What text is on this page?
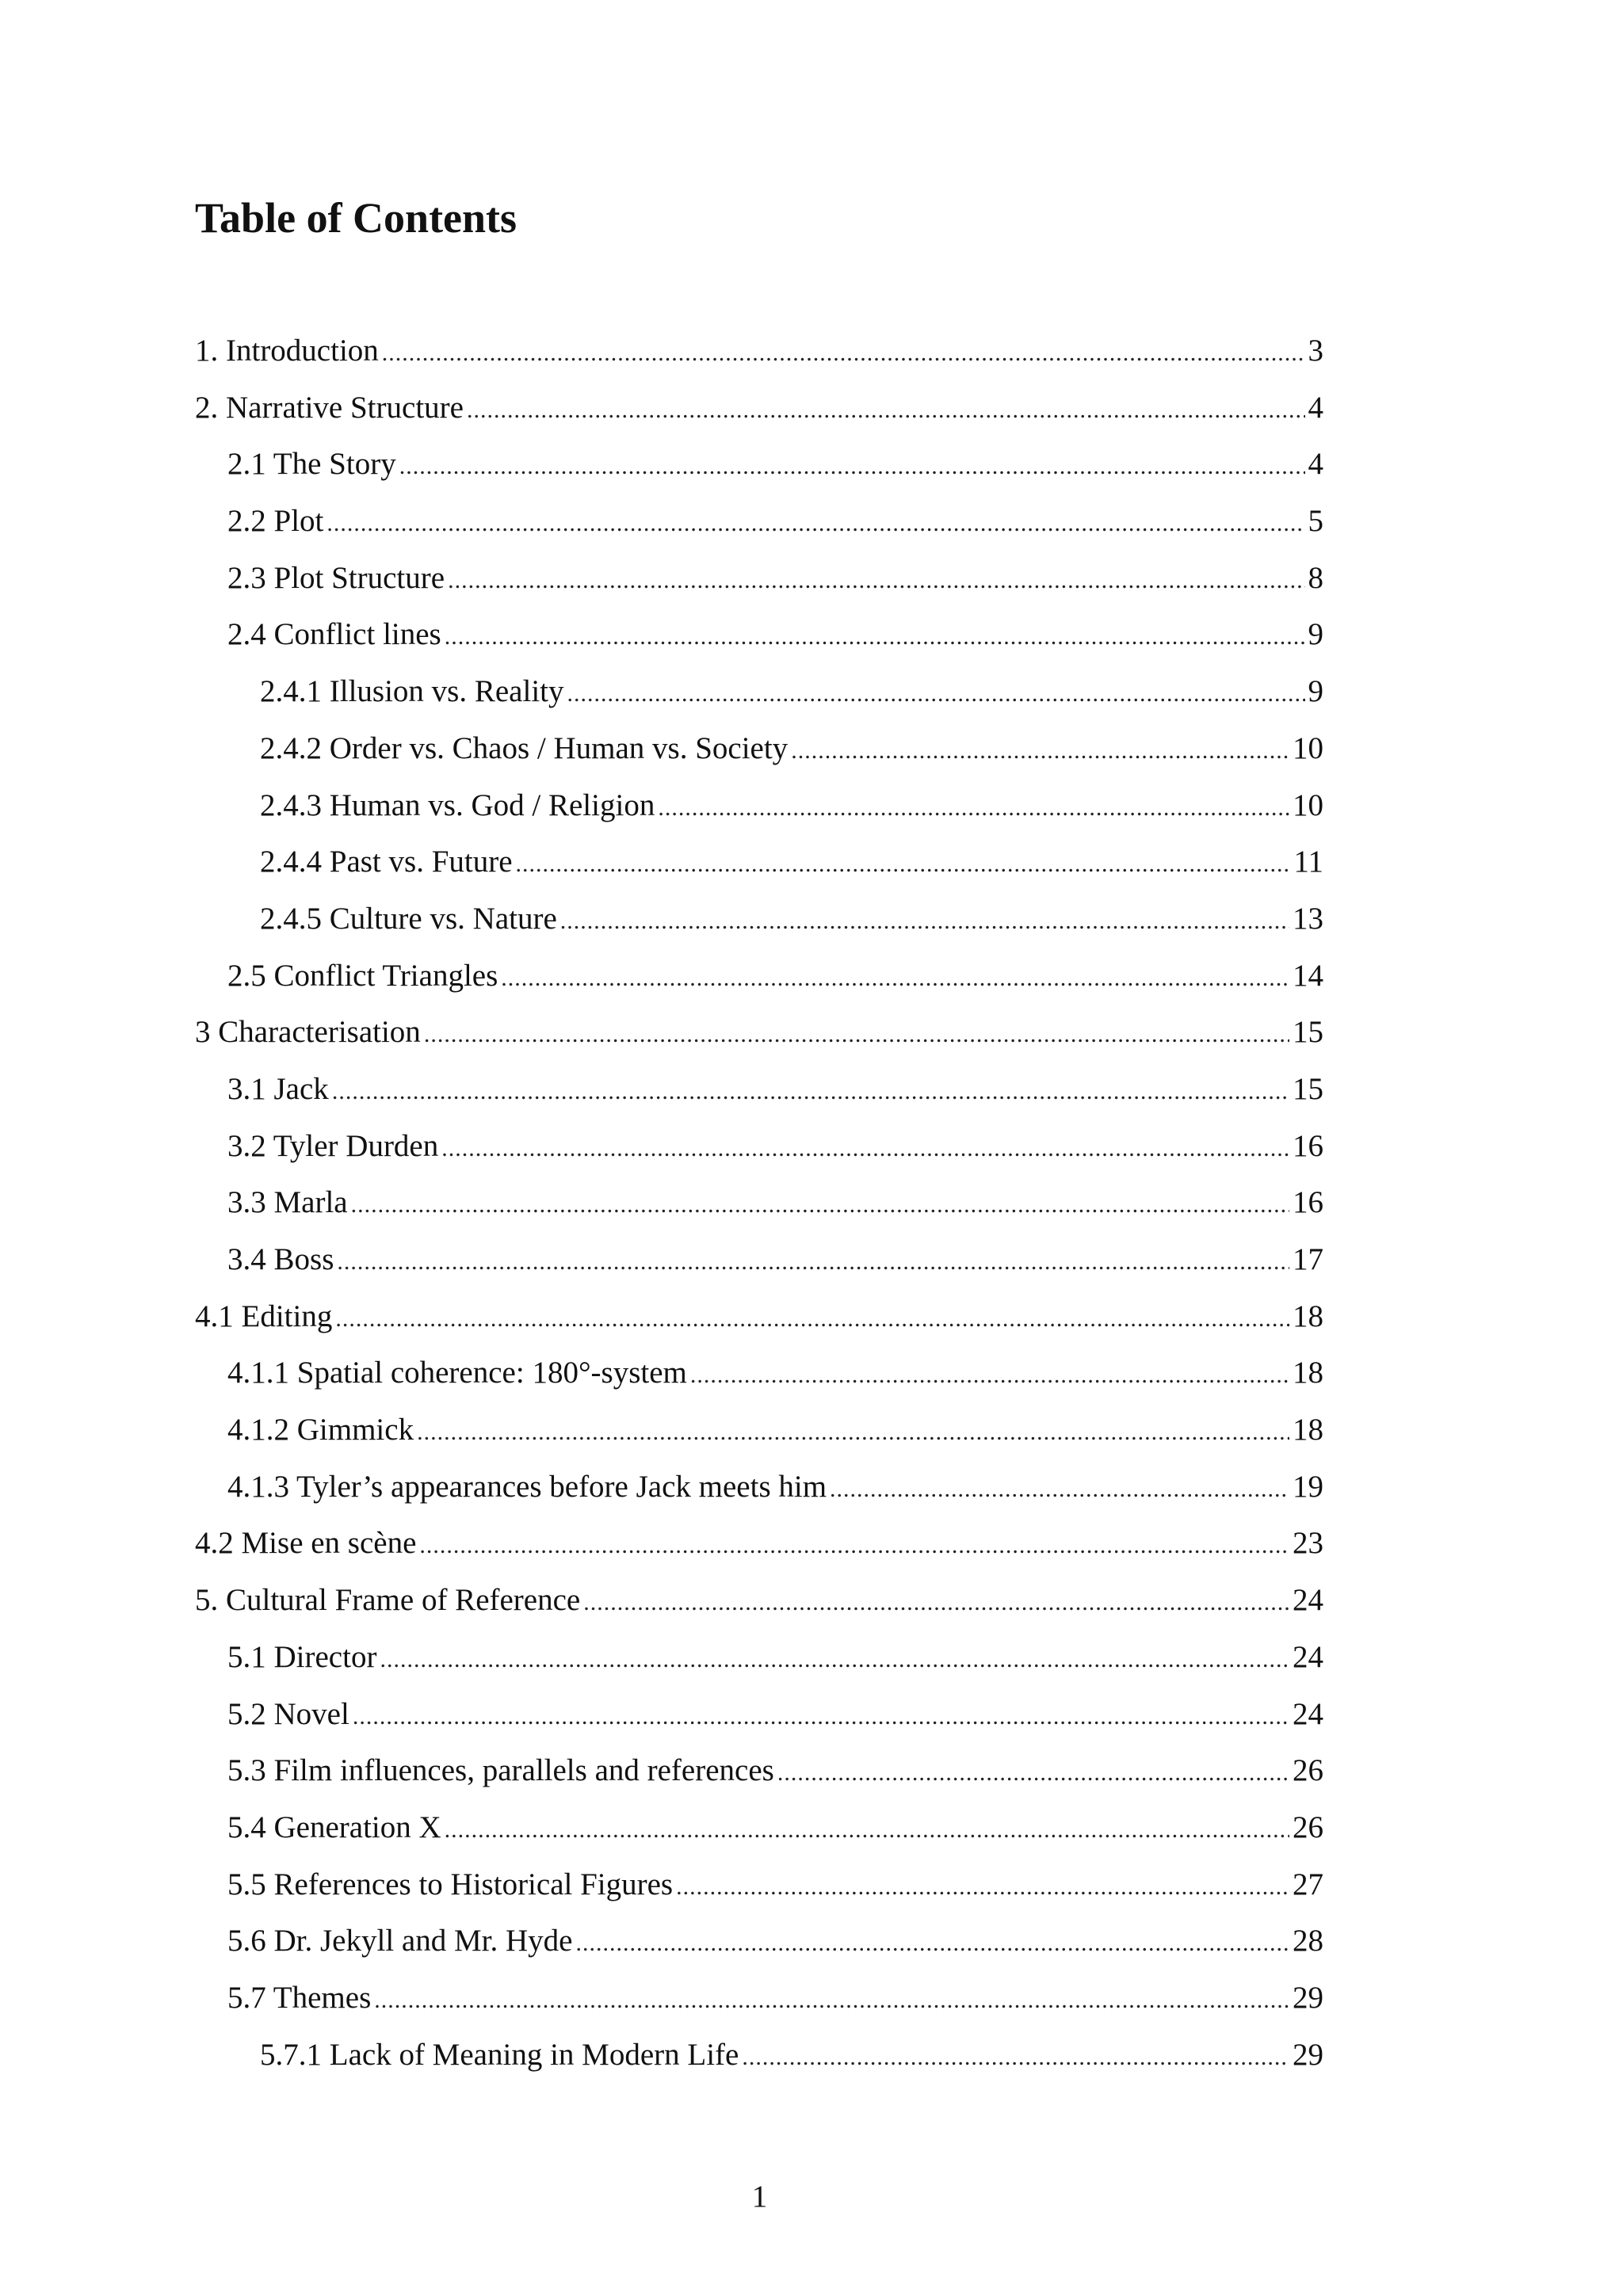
Table of Contents
1. Introduction .....	3
2. Narrative Structure .....	4
2.1 The Story .....	4
2.2 Plot .....	5
2.3 Plot Structure .....	8
2.4 Conflict lines .....	9
2.4.1 Illusion vs. Reality .....	9
2.4.2 Order vs. Chaos / Human vs. Society .....	10
2.4.3 Human vs. God / Religion .....	10
2.4.4 Past vs. Future .....	11
2.4.5 Culture vs. Nature .....	13
2.5 Conflict Triangles .....	14
3 Characterisation .....	15
3.1 Jack .....	15
3.2 Tyler Durden .....	16
3.3 Marla .....	16
3.4 Boss .....	17
4.1 Editing .....	18
4.1.1 Spatial coherence: 180°-system .....	18
4.1.2 Gimmick .....	18
4.1.3 Tyler’s appearances before Jack meets him .....	19
4.2 Mise en scène .....	23
5. Cultural Frame of Reference .....	24
5.1 Director .....	24
5.2 Novel .....	24
5.3 Film influences, parallels and references .....	26
5.4 Generation X .....	26
5.5 References to Historical Figures .....	27
5.6 Dr. Jekyll and Mr. Hyde .....	28
5.7 Themes .....	29
5.7.1 Lack of Meaning in Modern Life .....	29
1
